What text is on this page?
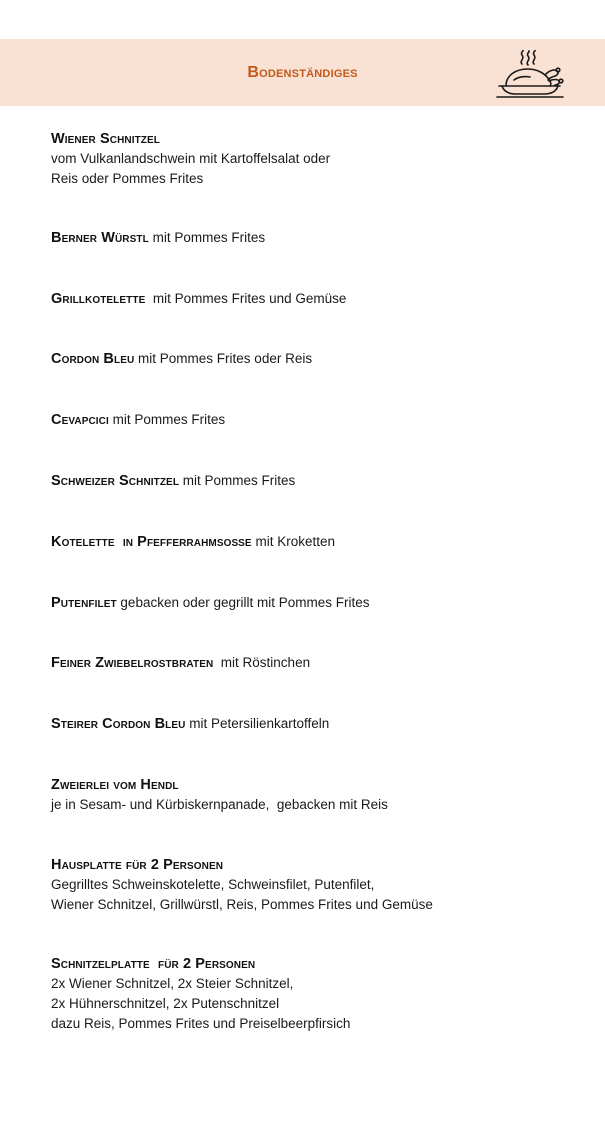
Bodenständiges
Wiener Schnitzel
vom Vulkanlandschwein mit Kartoffelsalat oder
Reis oder Pommes Frites
Berner Würstl mit Pommes Frites
Grillkotelette  mit Pommes Frites und Gemüse
Cordon Bleu mit Pommes Frites oder Reis
Cevapcici mit Pommes Frites
Schweizer Schnitzel mit Pommes Frites
Kotelette  in Pfefferrahmsoße mit Kroketten
Putenfilet gebacken oder gegrillt mit Pommes Frites
Feiner Zwiebelrostbraten  mit Röstinchen
Steirer Cordon Bleu mit Petersilienkartoffeln
Zweierlei vom Hendl
je in Sesam- und Kürbiskernpanade,  gebacken mit Reis
Hausplatte für 2 Personen
Gegrilltes Schweinskotelette, Schweinsfilet, Putenfilet,
Wiener Schnitzel, Grillwürstl, Reis, Pommes Frites und Gemüse
Schnitzelplatte  für 2 Personen
2x Wiener Schnitzel, 2x Steier Schnitzel,
2x Hühnerschnitzel, 2x Putenschnitzel
dazu Reis, Pommes Frites und Preiselbeerpfirsich
